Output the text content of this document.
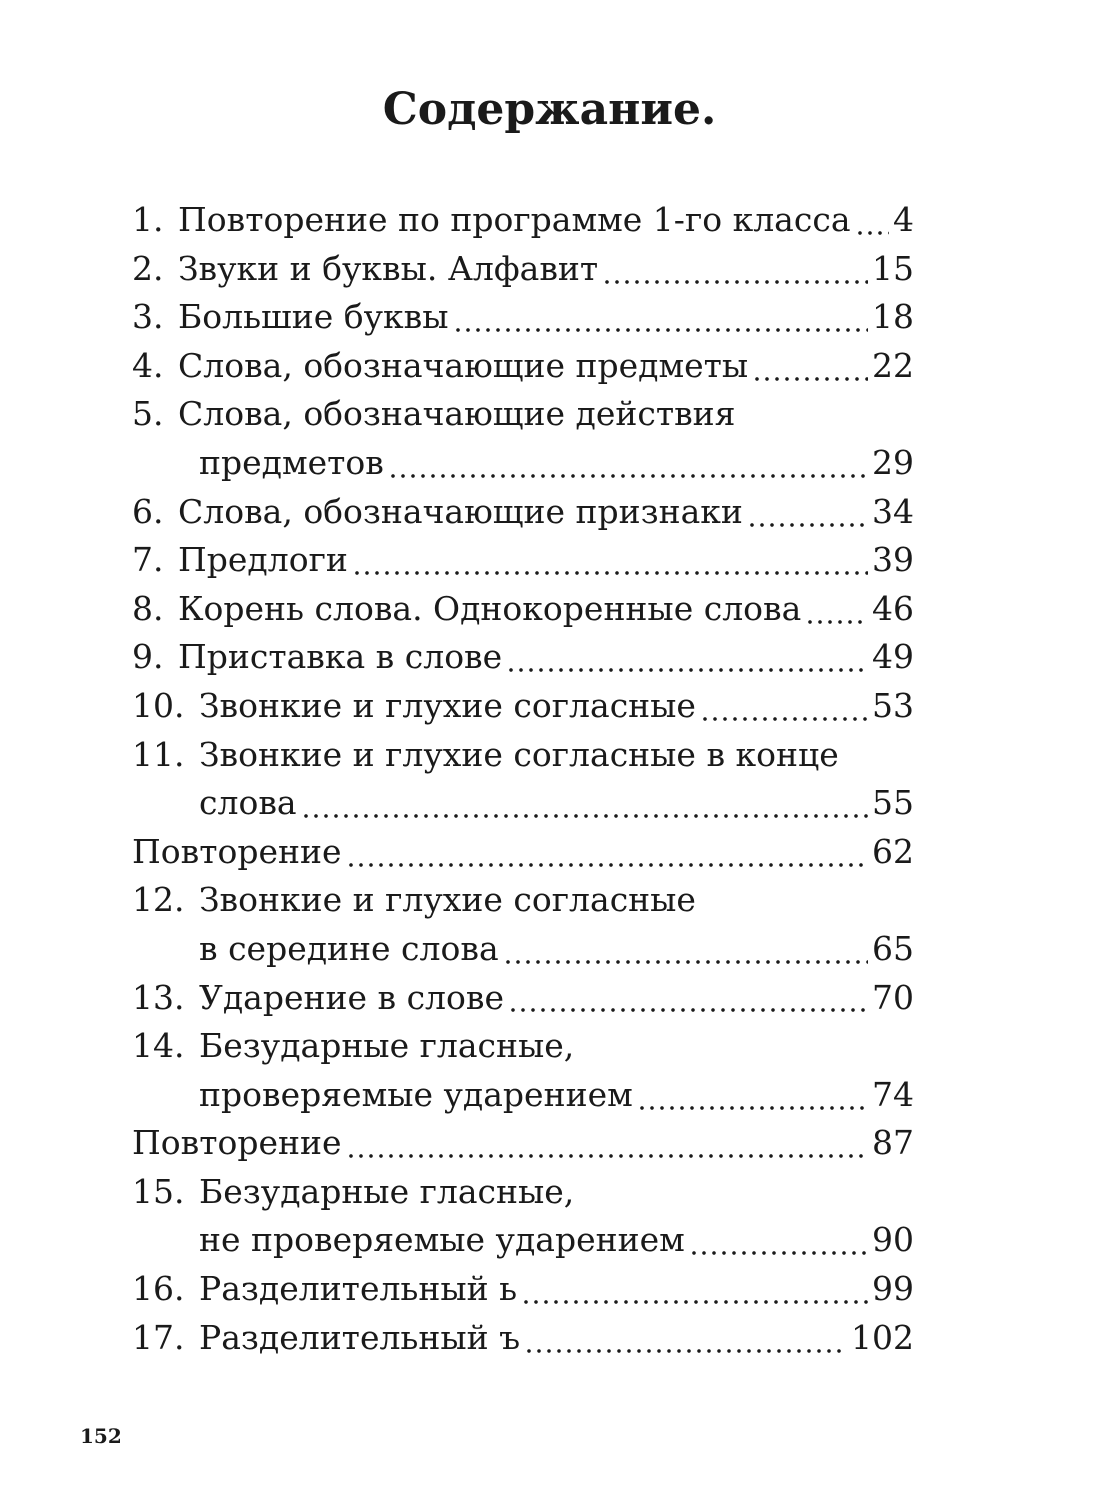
Содержание.
1. Повторение по программе 1-го класса 4
2. Звуки и буквы. Алфавит	15
3. Большие буквы	18
4. Слова, обозначающие предметы	22
5. Слова, обозначающие действия
предметов	29
6. Слова, обозначающие признаки	34
7. Предлоги	39
8. Корень слова. Однокоренные слова 46
9. Приставка в слове	49
10. Звонкие и глухие согласные	53
11. Звонкие и глухие согласные в конце
слова	55
Повторение	62
12. Звонкие и глухие согласные
в середине слова	65
13. Ударение в слове	70
14. Безударные гласные,
проверяемые ударением	74
Повторение	87
15. Безударные гласные,
не проверяемые ударением	90
16. Разделительный ь	99
17. Разделительный ъ	102
152
